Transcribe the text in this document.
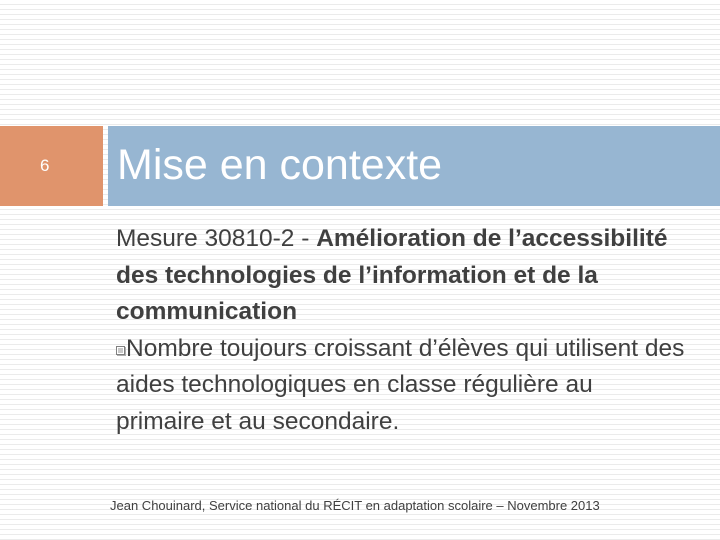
6	Mise en contexte
Mesure 30810-2 - Amélioration de l’accessibilité des technologies de l’information et de la communication
Nombre toujours croissant d’élèves qui utilisent des aides technologiques en classe régulière au primaire et au secondaire.
Jean Chouinard, Service national du RÉCIT en adaptation scolaire – Novembre 2013
